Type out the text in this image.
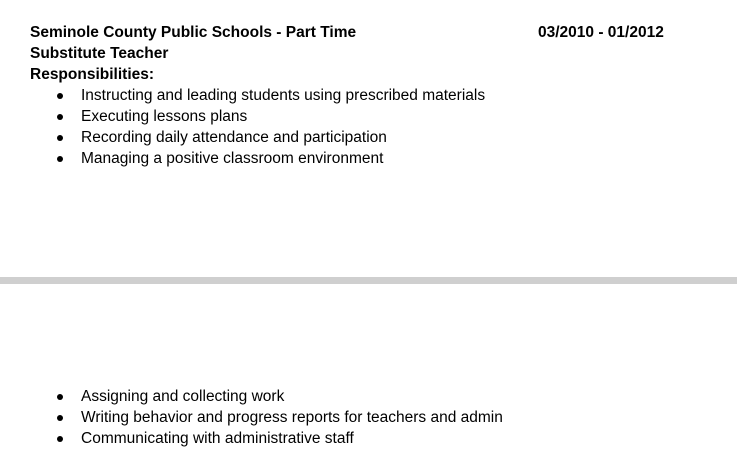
Seminole County Public Schools - Part Time	03/2010 - 01/2012
Substitute Teacher
Responsibilities:
Instructing and leading students using prescribed materials
Executing lessons plans
Recording daily attendance and participation
Managing a positive classroom environment
Assigning and collecting work
Writing behavior and progress reports for teachers and admin
Communicating with administrative staff
